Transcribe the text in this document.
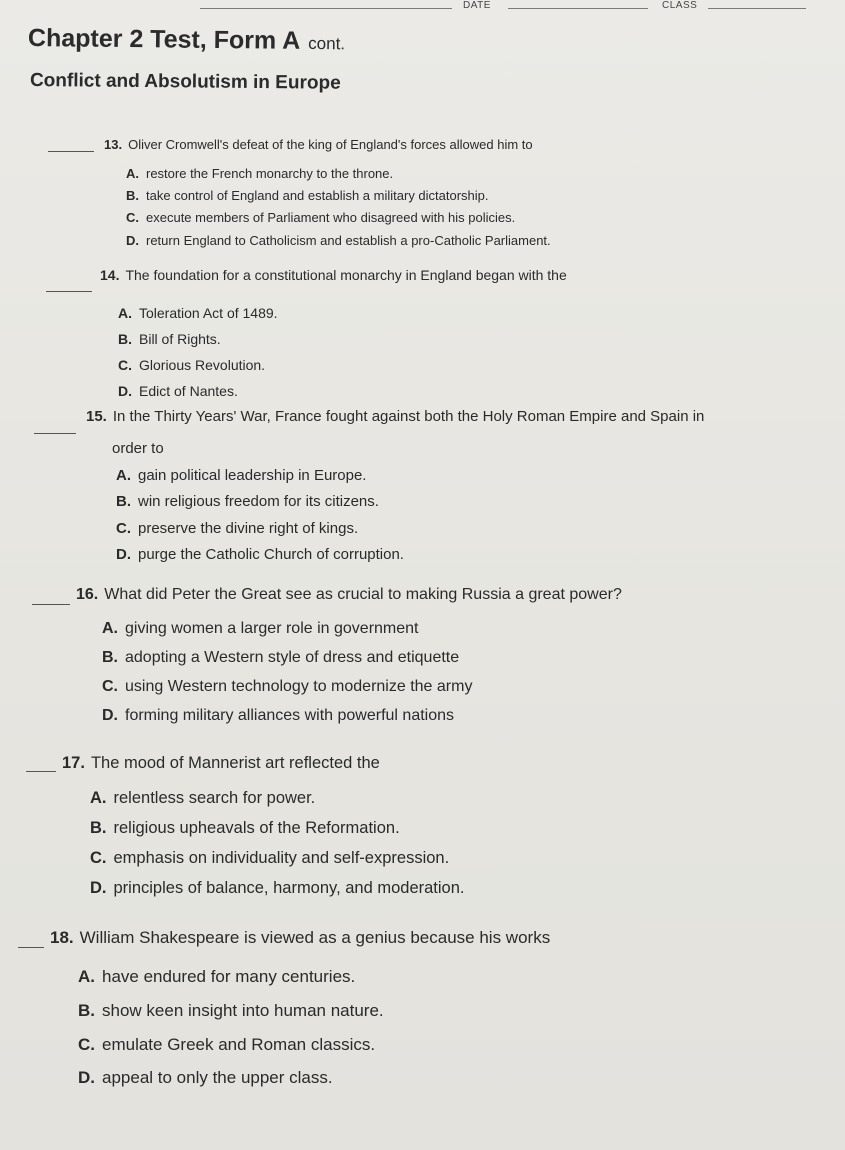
DATE	CLASS
Chapter 2 Test, Form A cont.
Conflict and Absolutism in Europe
13. Oliver Cromwell's defeat of the king of England's forces allowed him to
A. restore the French monarchy to the throne.
B. take control of England and establish a military dictatorship.
C. execute members of Parliament who disagreed with his policies.
D. return England to Catholicism and establish a pro-Catholic Parliament.
14. The foundation for a constitutional monarchy in England began with the
A. Toleration Act of 1489.
B. Bill of Rights.
C. Glorious Revolution.
D. Edict of Nantes.
15. In the Thirty Years' War, France fought against both the Holy Roman Empire and Spain in
order to
A. gain political leadership in Europe.
B. win religious freedom for its citizens.
C. preserve the divine right of kings.
D. purge the Catholic Church of corruption.
16. What did Peter the Great see as crucial to making Russia a great power?
A. giving women a larger role in government
B. adopting a Western style of dress and etiquette
C. using Western technology to modernize the army
D. forming military alliances with powerful nations
17. The mood of Mannerist art reflected the
A. relentless search for power.
B. religious upheavals of the Reformation.
C. emphasis on individuality and self-expression.
D. principles of balance, harmony, and moderation.
18. William Shakespeare is viewed as a genius because his works
A. have endured for many centuries.
B. show keen insight into human nature.
C. emulate Greek and Roman classics.
D. appeal to only the upper class.
